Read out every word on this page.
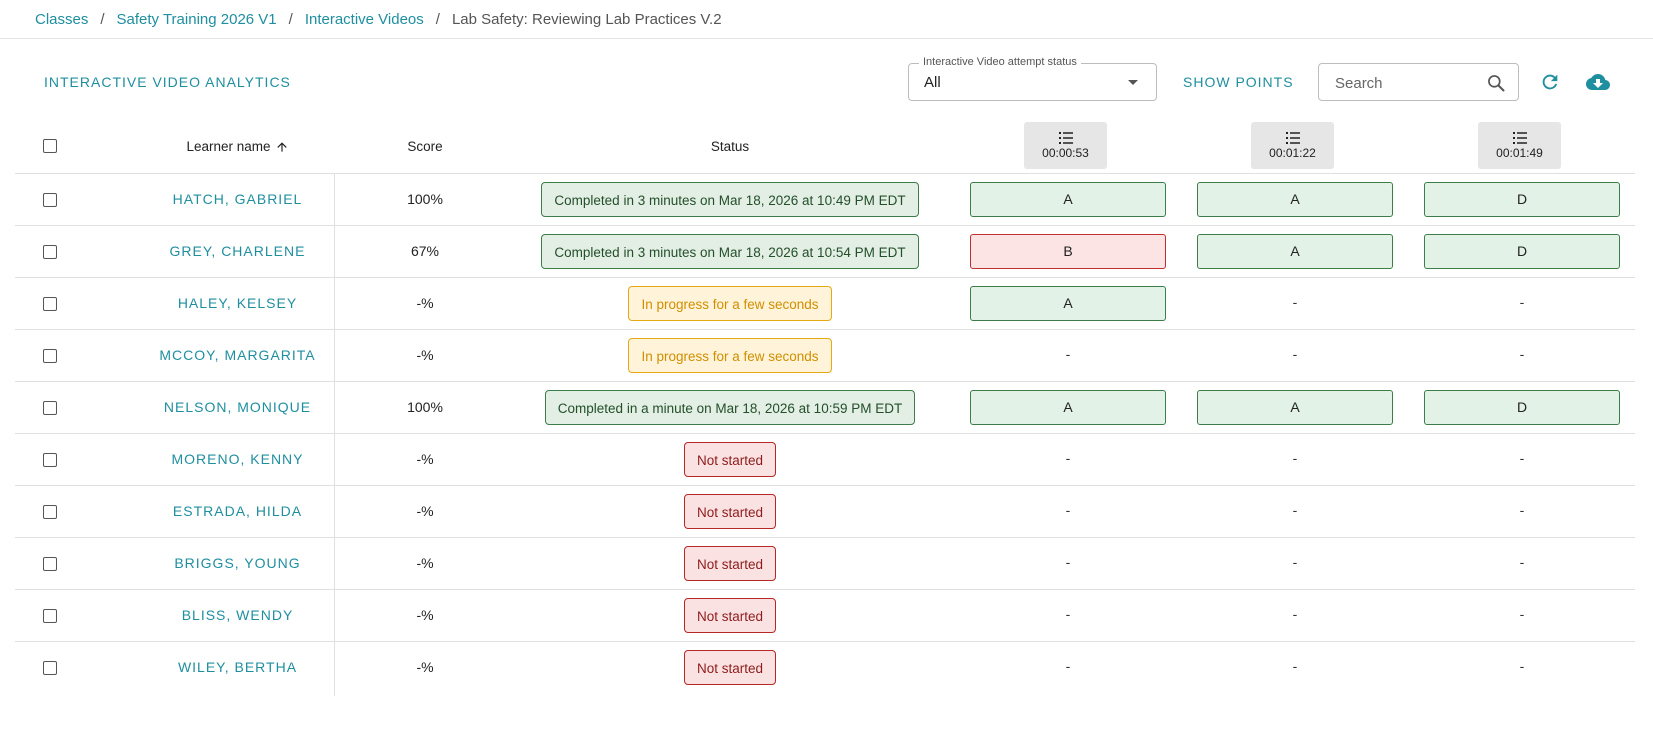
Classes / Safety Training 2026 V1 / Interactive Videos / Lab Safety: Reviewing Lab Practices V.2
INTERACTIVE VIDEO ANALYTICS
Interactive Video attempt status
All	SHOW POINTS
Search
Learner name	Score	Status	00:00:53	00:01:22	00:01:49
HATCH, GABRIEL	100%	Completed in 3 minutes on Mar 18, 2026 at 10:49 PM EDT	A	A	D
GREY, CHARLENE	67%	Completed in 3 minutes on Mar 18, 2026 at 10:54 PM EDT	B	A	D
HALEY, KELSEY	-%	In progress for a few seconds	A	-	-
MCCOY, MARGARITA	-%	In progress for a few seconds	-	-	-
NELSON, MONIQUE	100%	Completed in a minute on Mar 18, 2026 at 10:59 PM EDT	A	A	D
MORENO, KENNY	-%	Not started	-	-	-
ESTRADA, HILDA	-%	Not started	-	-	-
BRIGGS, YOUNG	-%	Not started	-	-	-
BLISS, WENDY	-%	Not started	-	-	-
WILEY, BERTHA	-%	Not started	-	-	-
